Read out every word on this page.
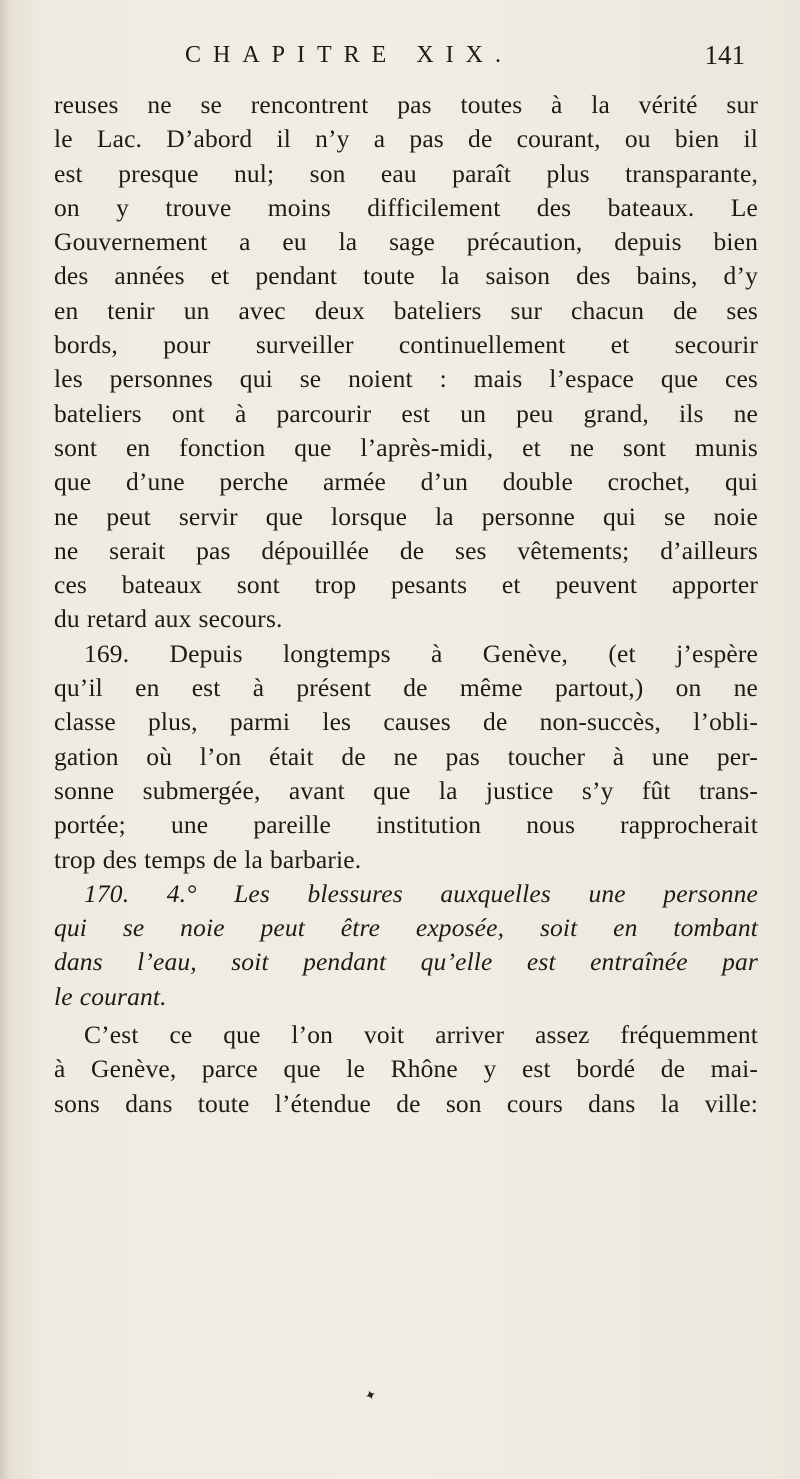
CHAPITRE XIX.	141

reuses ne se rencontrent pas toutes à la vérité sur
le Lac. D’abord il n’y a pas de courant, ou bien il
est presque nul; son eau paraît plus transparante,
on y trouve moins difficilement des bateaux. Le
Gouvernement a eu la sage précaution, depuis bien
des années et pendant toute la saison des bains, d’y
en tenir un avec deux bateliers sur chacun de ses
bords, pour surveiller continuellement et secourir
les personnes qui se noient : mais l’espace que ces
bateliers ont à parcourir est un peu grand, ils ne
sont en fonction que l’après-midi, et ne sont munis
que d’une perche armée d’un double crochet, qui
ne peut servir que lorsque la personne qui se noie
ne serait pas dépouillée de ses vêtements; d’ailleurs
ces bateaux sont trop pesants et peuvent apporter
du retard aux secours.

169. Depuis longtemps à Genève, (et j’espère
qu’il en est à présent de même partout,) on ne
classe plus, parmi les causes de non-succès, l’obli-
gation où l’on était de ne pas toucher à une per-
sonne submergée, avant que la justice s’y fût trans-
portée; une pareille institution nous rapprocherait
trop des temps de la barbarie.

170. 4.° Les blessures auxquelles une personne
qui se noie peut être exposée, soit en tombant
dans l’eau, soit pendant qu’elle est entraînée par
le courant.

C’est ce que l’on voit arriver assez fréquemment
à Genève, parce que le Rhône y est bordé de mai-
sons dans toute l’étendue de son cours dans la ville:

✦
